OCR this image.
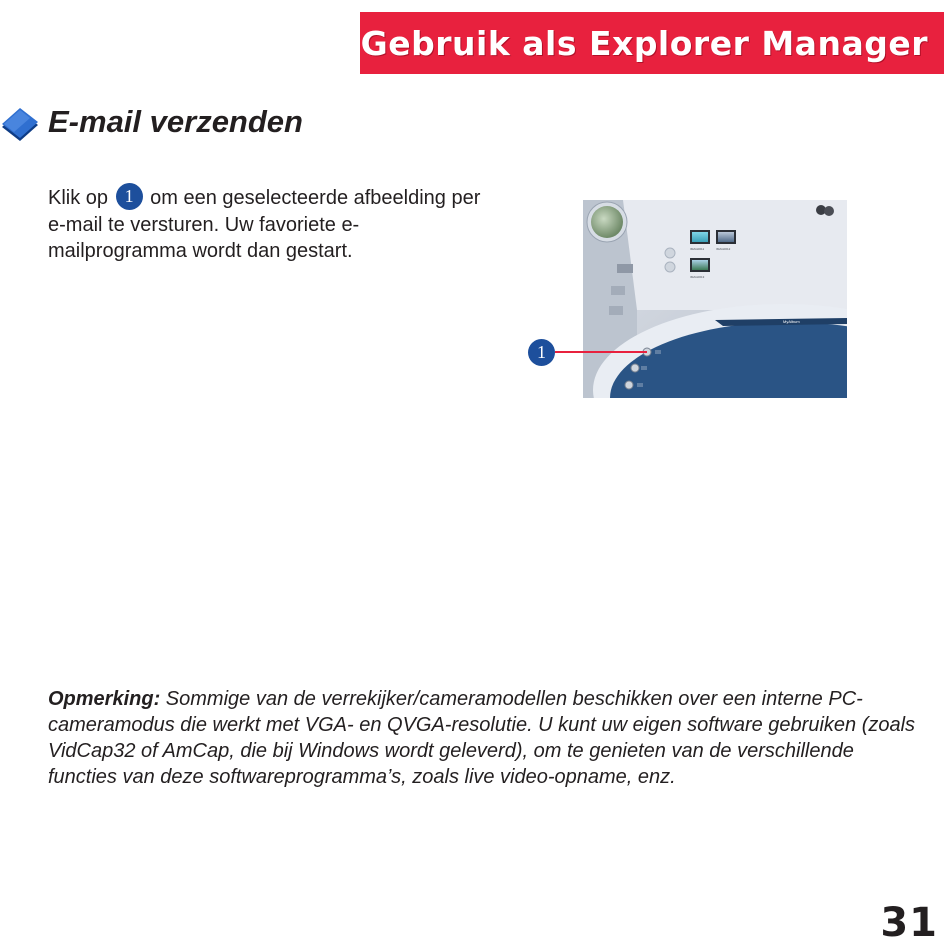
Gebruik als Explorer Manager
E-mail verzenden

Klik op 1 om een geselecteerde afbeelding per e-mail te versturen. Uw favoriete e-mailprogramma wordt dan gestart.

MyAlbum
IMAG0011	IMAG0012
IMAG0013
1

Opmerking: Sommige van de verrekijker/cameramodellen beschikken over een interne PC-cameramodus die werkt met VGA- en QVGA-resolutie. U kunt uw eigen software gebruiken (zoals VidCap32 of AmCap, die bij Windows wordt geleverd), om te genieten van de verschillende functies van deze softwareprogramma’s, zoals live video-opname, enz.

31
